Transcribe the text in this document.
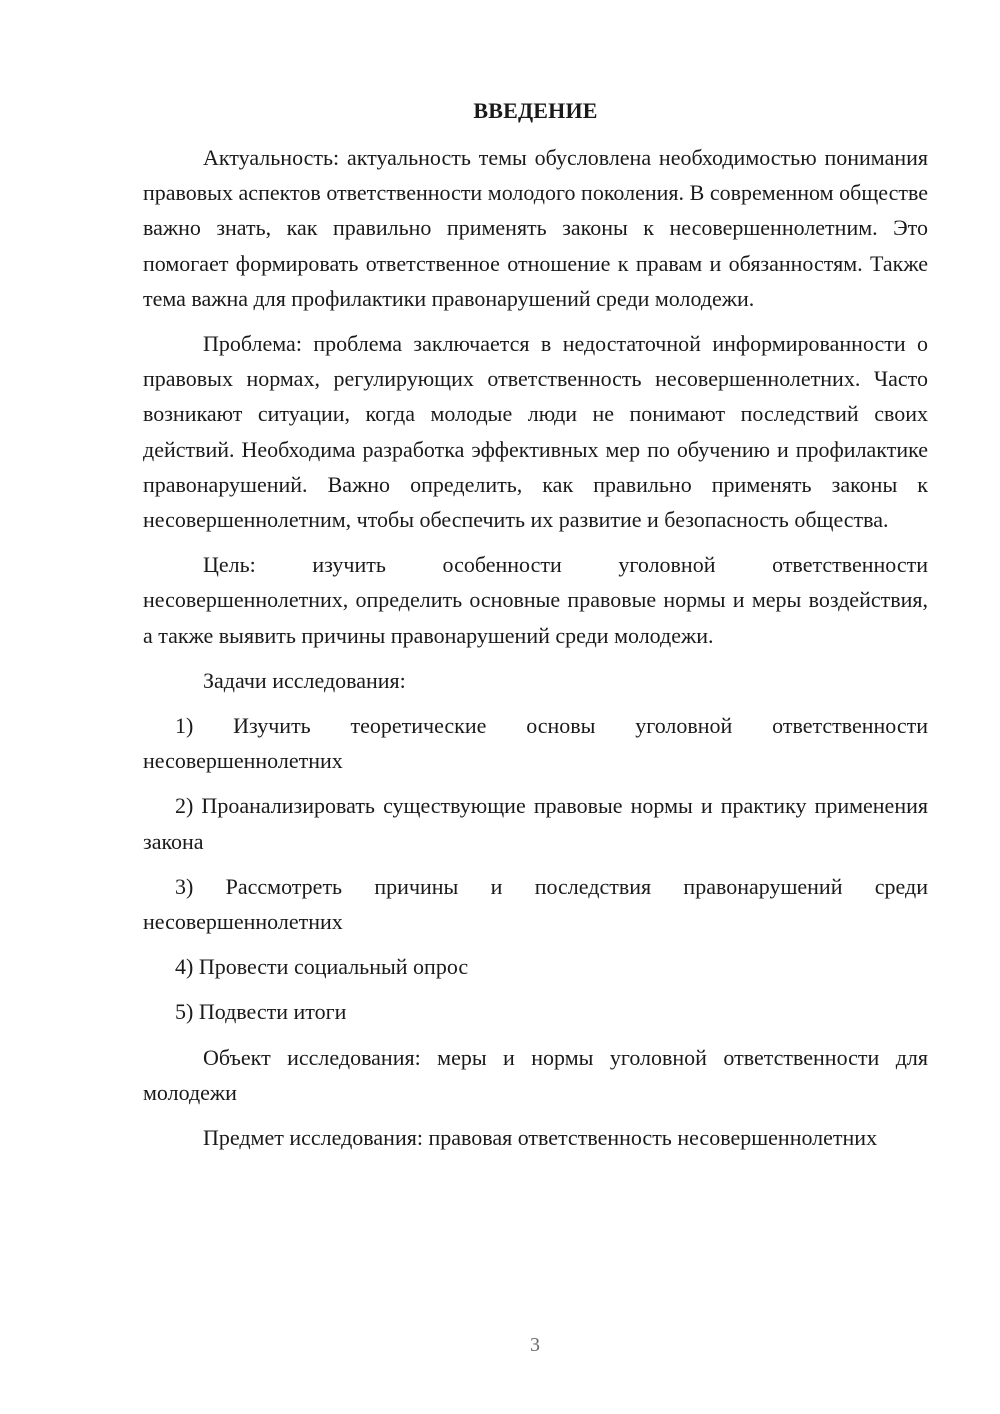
ВВЕДЕНИЕ

Актуальность: актуальность темы обусловлена необходимостью понимания правовых аспектов ответственности молодого поколения. В современном обществе важно знать, как правильно применять законы к несовершеннолетним. Это помогает формировать ответственное отношение к правам и обязанностям. Также тема важна для профилактики правонарушений среди молодежи.

Проблема: проблема заключается в недостаточной информированности о правовых нормах, регулирующих ответственность несовершеннолетних. Часто возникают ситуации, когда молодые люди не понимают последствий своих действий. Необходима разработка эффективных мер по обучению и профилактике правонарушений. Важно определить, как правильно применять законы к несовершеннолетним, чтобы обеспечить их развитие и безопасность общества.

Цель: изучить особенности уголовной ответственности несовершеннолетних, определить основные правовые нормы и меры воздействия, а также выявить причины правонарушений среди молодежи.

Задачи исследования:

1) Изучить теоретические основы уголовной ответственности несовершеннолетних

2) Проанализировать существующие правовые нормы и практику применения закона

3) Рассмотреть причины и последствия правонарушений среди несовершеннолетних

4) Провести социальный опрос

5) Подвести итоги

Объект исследования: меры и нормы уголовной ответственности для молодежи

Предмет исследования: правовая ответственность несовершеннолетних

3
